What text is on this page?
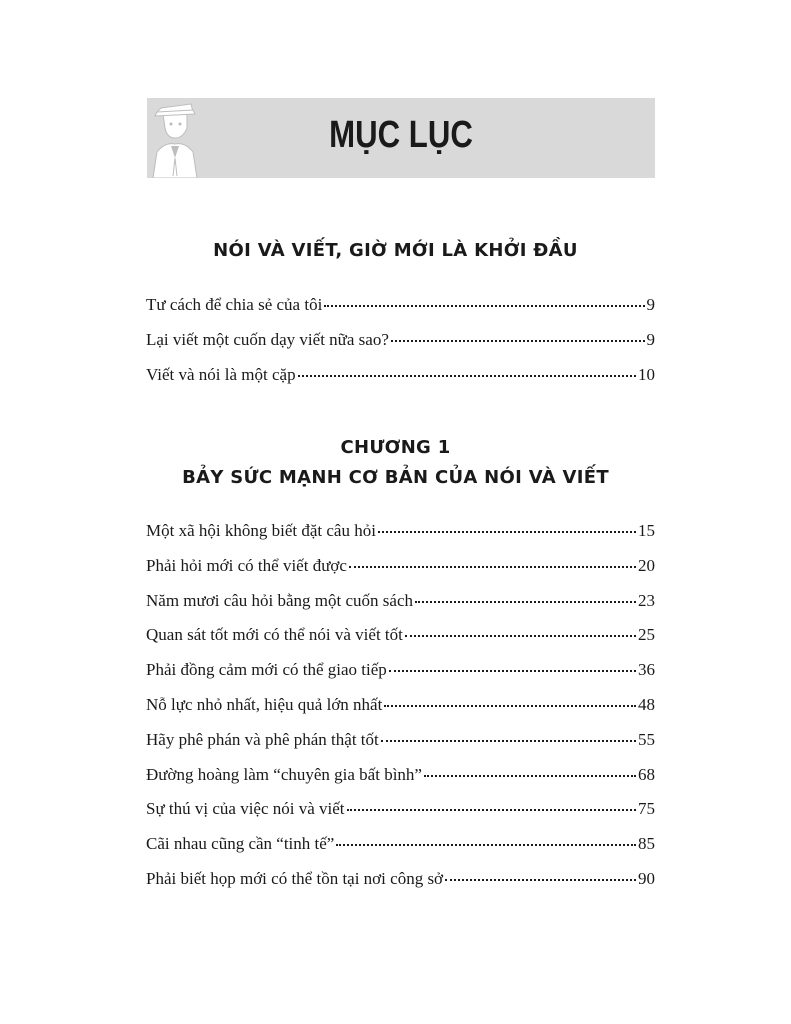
MỤC LỤC
NÓI VÀ VIẾT, GIỜ MỚI LÀ KHỞI ĐẦU
Tư cách để chia sẻ của tôi	9
Lại viết một cuốn dạy viết nữa sao?	9
Viết và nói là một cặp	10
CHƯƠNG 1
BẢY SỨC MẠNH CƠ BẢN CỦA NÓI VÀ VIẾT
Một xã hội không biết đặt câu hỏi	15
Phải hỏi mới có thể viết được	20
Năm mươi câu hỏi bằng một cuốn sách	23
Quan sát tốt mới có thể nói và viết tốt	25
Phải đồng cảm mới có thể giao tiếp	36
Nỗ lực nhỏ nhất, hiệu quả lớn nhất	48
Hãy phê phán và phê phán thật tốt	55
Đường hoàng làm “chuyên gia bất bình”	68
Sự thú vị của việc nói và viết	75
Cãi nhau cũng cần “tinh tế”	85
Phải biết họp mới có thể tồn tại nơi công sở	90
